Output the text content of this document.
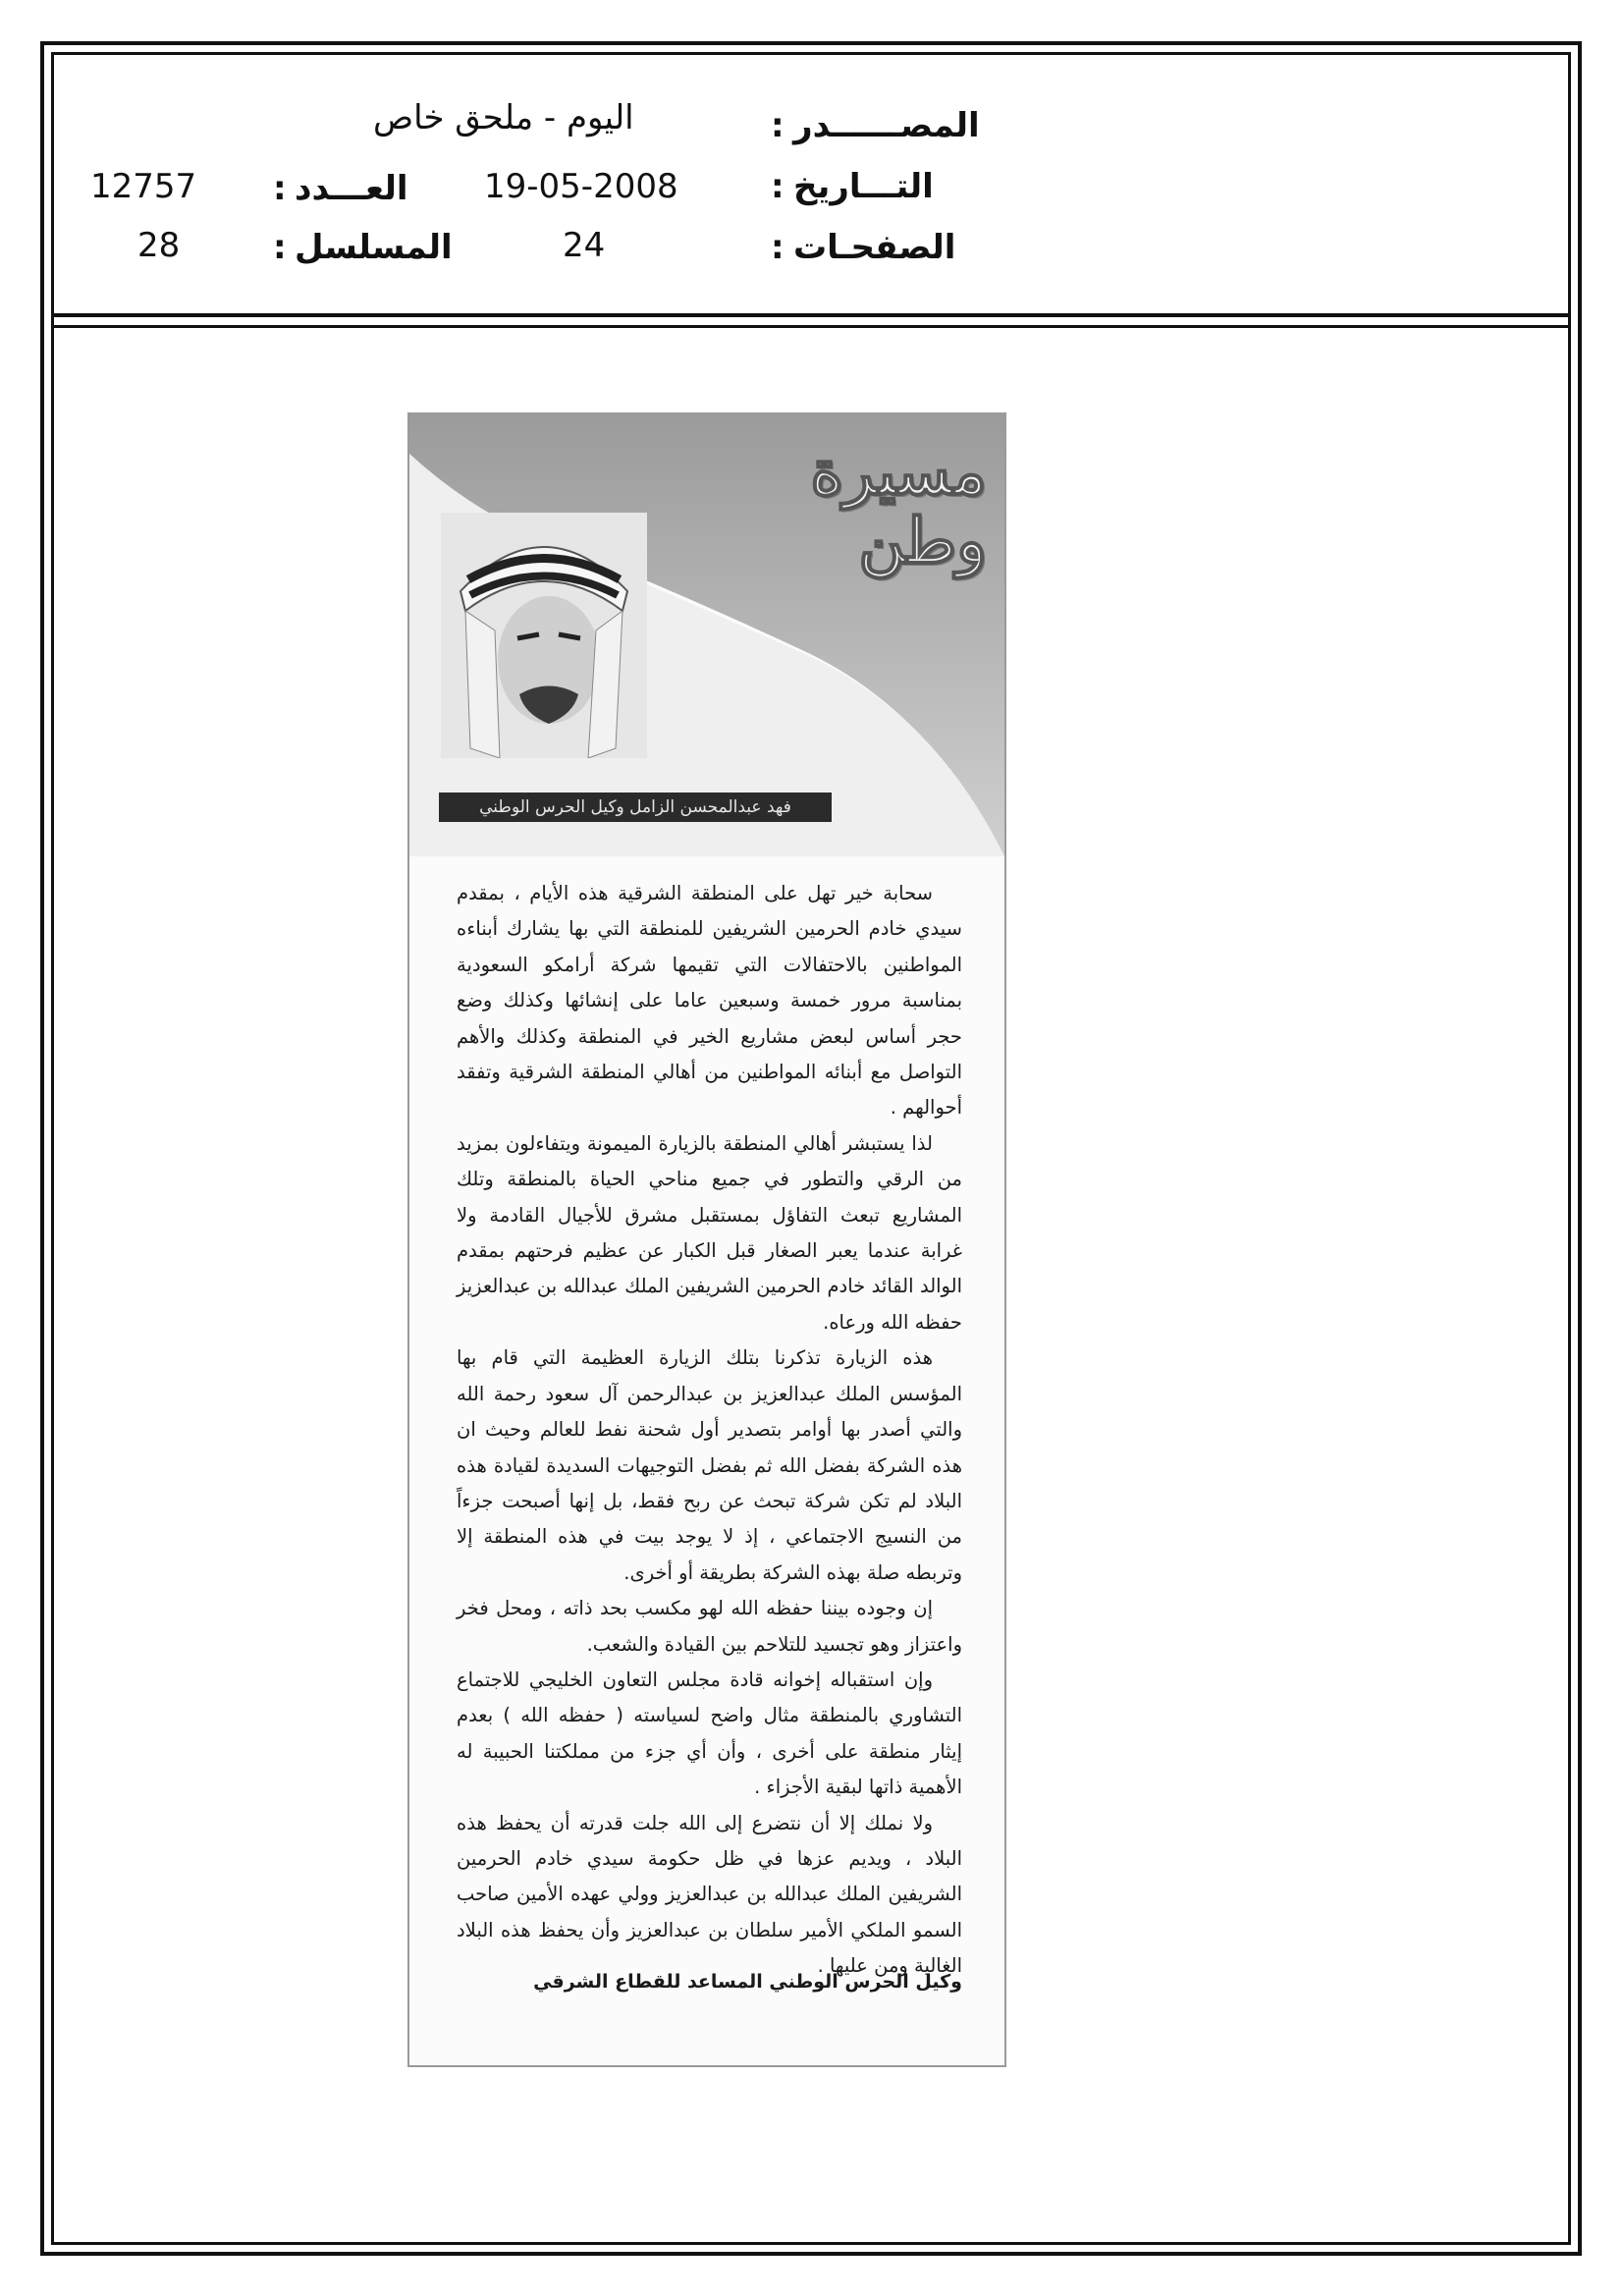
المصــــــدر
:
اليوم - ملحق خاص
التـــاريخ
:
19-05-2008
العـــدد
:
12757
الصفحـات
:
24
المسلسل
:
28
مسيرة
وطن
فهد عبدالمحسن الزامل وكيل الحرس الوطني

سحابة خير تهل على المنطقة الشرقية هذه الأيام ، بمقدم سيدي خادم الحرمين الشريفين للمنطقة التي بها يشارك أبناءه المواطنين بالاحتفالات التي تقيمها شركة أرامكو السعودية بمناسبة مرور خمسة وسبعين عاما على إنشائها وكذلك وضع حجر أساس لبعض مشاريع الخير في المنطقة وكذلك والأهم التواصل مع أبنائه المواطنين من أهالي المنطقة الشرقية وتفقد أحوالهم .

لذا يستبشر أهالي المنطقة بالزيارة الميمونة ويتفاءلون بمزيد من الرقي والتطور في جميع مناحي الحياة بالمنطقة وتلك المشاريع تبعث التفاؤل بمستقبل مشرق للأجيال القادمة ولا غرابة عندما يعبر الصغار قبل الكبار عن عظيم فرحتهم بمقدم الوالد القائد خادم الحرمين الشريفين الملك عبدالله بن عبدالعزيز حفظه الله ورعاه.

هذه الزيارة تذكرنا بتلك الزيارة العظيمة التي قام بها المؤسس الملك عبدالعزيز بن عبدالرحمن آل سعود رحمة الله والتي أصدر بها أوامر بتصدير أول شحنة نفط للعالم وحيث ان هذه الشركة بفضل الله ثم بفضل التوجيهات السديدة لقيادة هذه البلاد لم تكن شركة تبحث عن ربح فقط، بل إنها أصبحت جزءاً من النسيج الاجتماعي ، إذ لا يوجد بيت في هذه المنطقة إلا وتربطه صلة بهذه الشركة بطريقة أو أخرى.

إن وجوده بيننا حفظه الله لهو مكسب بحد ذاته ، ومحل فخر واعتزاز وهو تجسيد للتلاحم بين القيادة والشعب.

وإن استقباله إخوانه قادة مجلس التعاون الخليجي للاجتماع التشاوري بالمنطقة مثال واضح لسياسته ( حفظه الله ) بعدم إيثار منطقة على أخرى ، وأن أي جزء من مملكتنا الحبيبة له الأهمية ذاتها لبقية الأجزاء .

ولا نملك إلا أن نتضرع إلى الله جلت قدرته أن يحفظ هذه البلاد ، ويديم عزها في ظل حكومة سيدي خادم الحرمين الشريفين الملك عبدالله بن عبدالعزيز وولي عهده الأمين صاحب السمو الملكي الأمير سلطان بن عبدالعزيز وأن يحفظ هذه البلاد الغالية ومن عليها .

وكيل الحرس الوطني المساعد للقطاع الشرقي
